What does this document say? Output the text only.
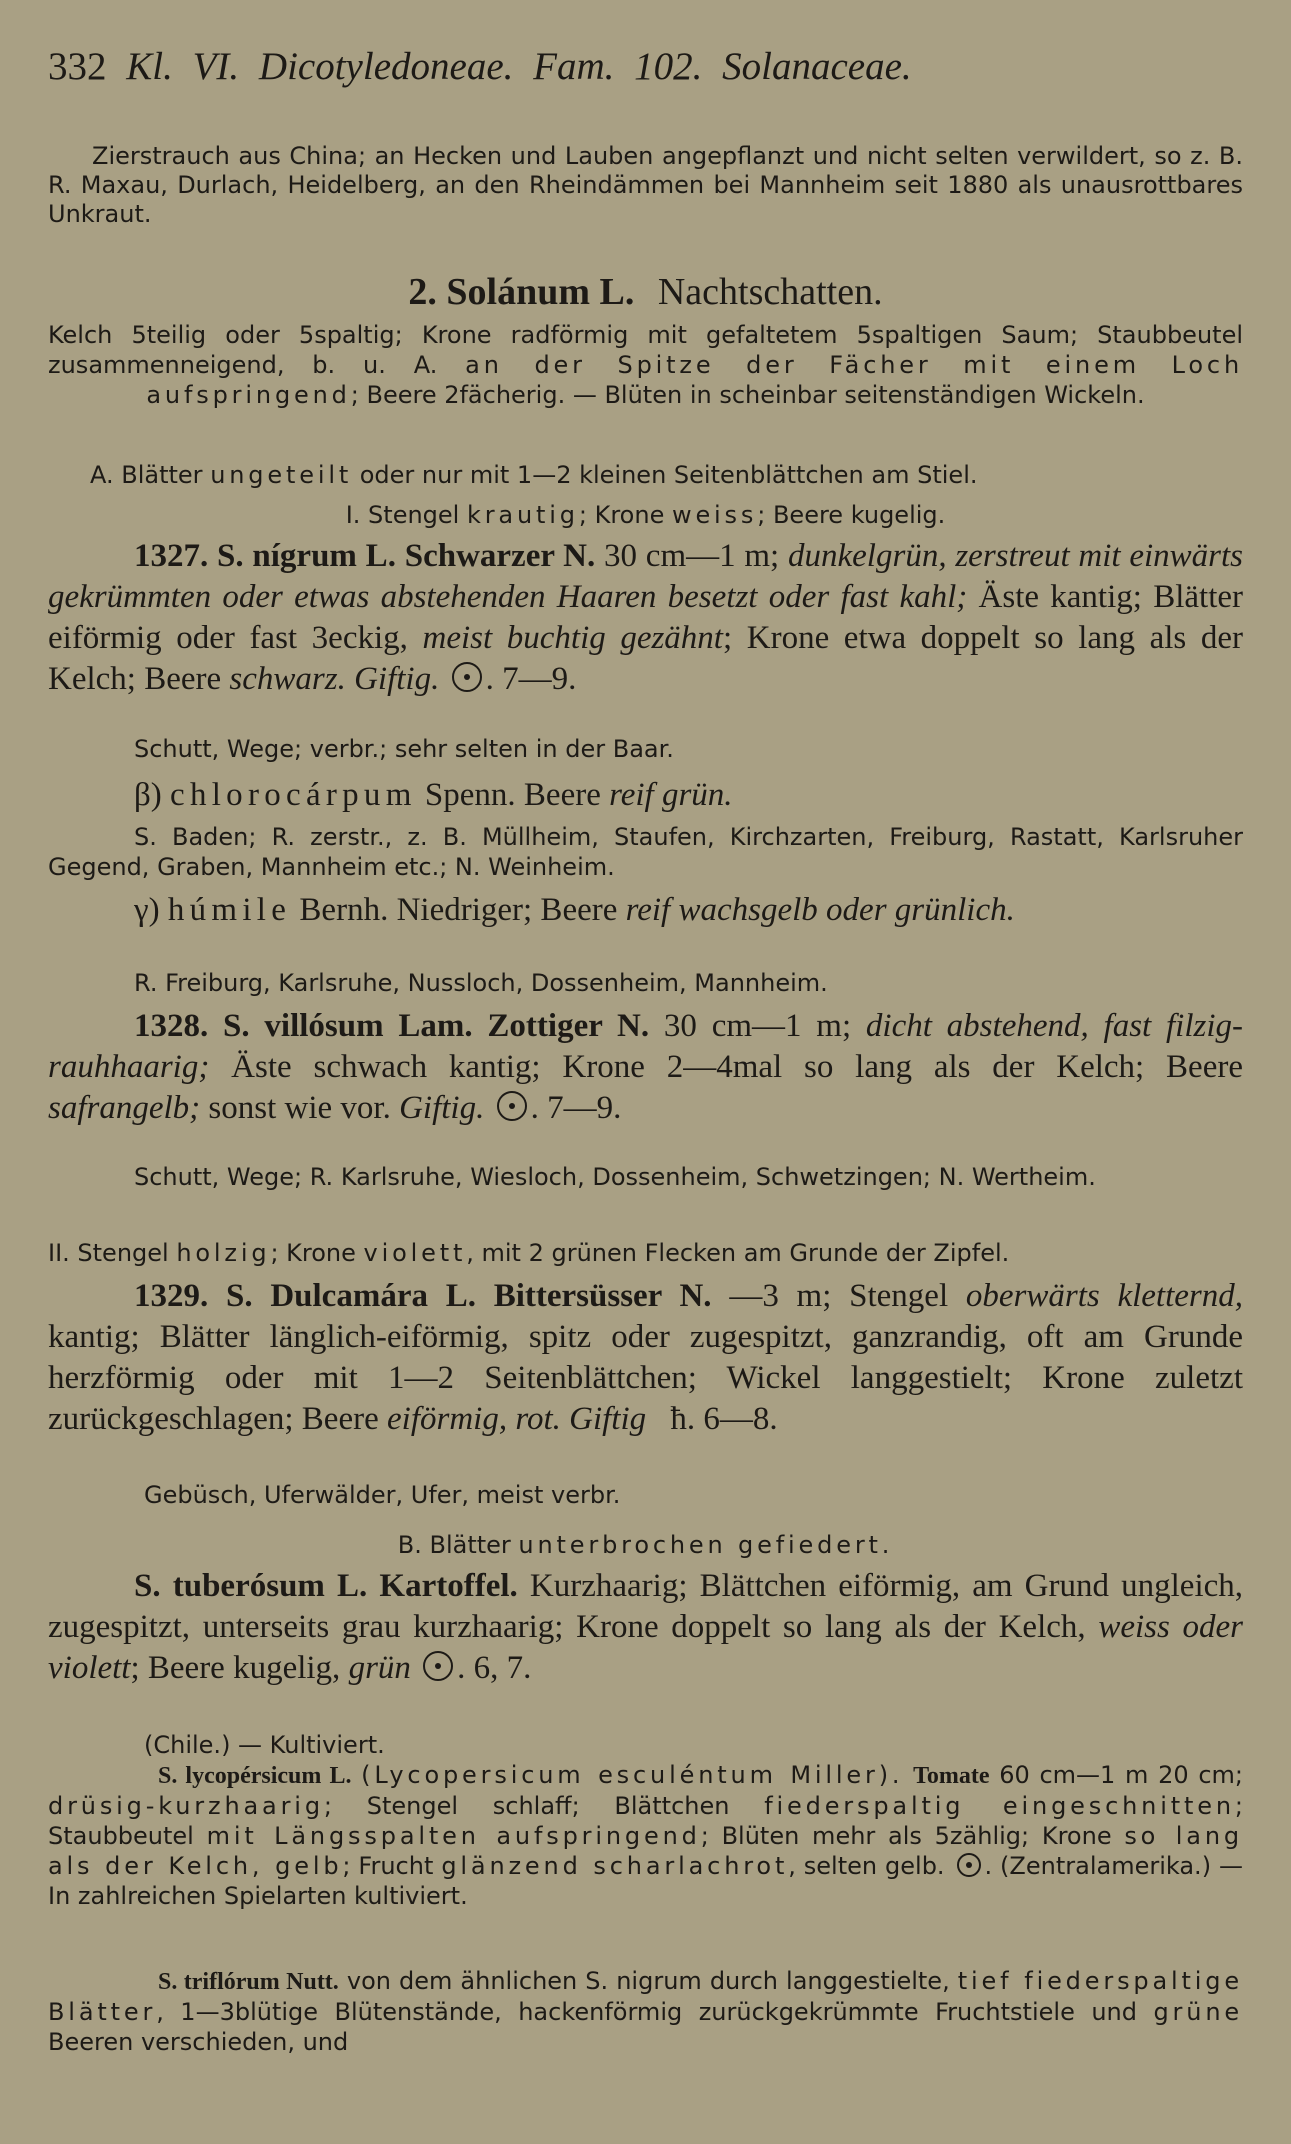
332 Kl. VI. Dicotyledoneae. Fam. 102. Solanaceae.
Zierstrauch aus China; an Hecken und Lauben angepflanzt und nicht selten verwildert, so z. B. R. Maxau, Durlach, Heidelberg, an den Rheindämmen bei Mannheim seit 1880 als unausrottbares Unkraut.
2. Solánum L. Nachtschatten.
Kelch 5teilig oder 5spaltig; Krone radförmig mit gefaltetem 5spaltigen Saum; Staubbeutel zusammenneigend, b. u. A. an der Spitze der Fächer mit einem Loch aufspringend; Beere 2fächerig. — Blüten in scheinbar seitenständigen Wickeln.
A. Blätter ungeteilt oder nur mit 1—2 kleinen Seitenblättchen am Stiel.
I. Stengel krautig; Krone weiss; Beere kugelig.
1327. S. nígrum L. Schwarzer N. 30 cm—1 m; dunkelgrün, zerstreut mit einwärts gekrümmten oder etwas abstehenden Haaren besetzt oder fast kahl; Äste kantig; Blätter eiförmig oder fast 3eckig, meist buchtig gezähnt; Krone etwa doppelt so lang als der Kelch; Beere schwarz. Giftig. . 7—9.
Schutt, Wege; verbr.; sehr selten in der Baar.
β) chlorocárpum Spenn. Beere reif grün.
S. Baden; R. zerstr., z. B. Müllheim, Staufen, Kirchzarten, Freiburg, Rastatt, Karlsruher Gegend, Graben, Mannheim etc.; N. Weinheim.
γ) húmile Bernh. Niedriger; Beere reif wachsgelb oder grünlich.
R. Freiburg, Karlsruhe, Nussloch, Dossenheim, Mannheim.
1328. S. villósum Lam. Zottiger N. 30 cm—1 m; dicht abstehend, fast filzig-rauhhaarig; Äste schwach kantig; Krone 2—4mal so lang als der Kelch; Beere safrangelb; sonst wie vor. Giftig. . 7—9.
Schutt, Wege; R. Karlsruhe, Wiesloch, Dossenheim, Schwetzingen; N. Wertheim.
II. Stengel holzig; Krone violett, mit 2 grünen Flecken am Grunde der Zipfel.
1329. S. Dulcamára L. Bittersüsser N. —3 m; Stengel oberwärts kletternd, kantig; Blätter länglich-eiförmig, spitz oder zugespitzt, ganzrandig, oft am Grunde herzförmig oder mit 1—2 Seitenblättchen; Wickel langgestielt; Krone zuletzt zurückgeschlagen; Beere eiförmig, rot. Giftig ħ. 6—8.
Gebüsch, Uferwälder, Ufer, meist verbr.
B. Blätter unterbrochen gefiedert.
S. tuberósum L. Kartoffel. Kurzhaarig; Blättchen eiförmig, am Grund ungleich, zugespitzt, unterseits grau kurzhaarig; Krone doppelt so lang als der Kelch, weiss oder violett; Beere kugelig, grün . 6, 7.
(Chile.) — Kultiviert.
S. lycopérsicum L. (Lycopersicum esculéntum Miller). Tomate 60 cm—1 m 20 cm; drüsig-kurzhaarig; Stengel schlaff; Blättchen fiederspaltig eingeschnitten; Staubbeutel mit Längsspalten aufspringend; Blüten mehr als 5zählig; Krone so lang als der Kelch, gelb; Frucht glänzend scharlachrot, selten gelb. . (Zentralamerika.) — In zahlreichen Spielarten kultiviert.
S. triflórum Nutt. von dem ähnlichen S. nigrum durch langgestielte, tief fiederspaltige Blätter, 1—3blütige Blütenstände, hackenförmig zurückgekrümmte Fruchtstiele und grüne Beeren verschieden, und
